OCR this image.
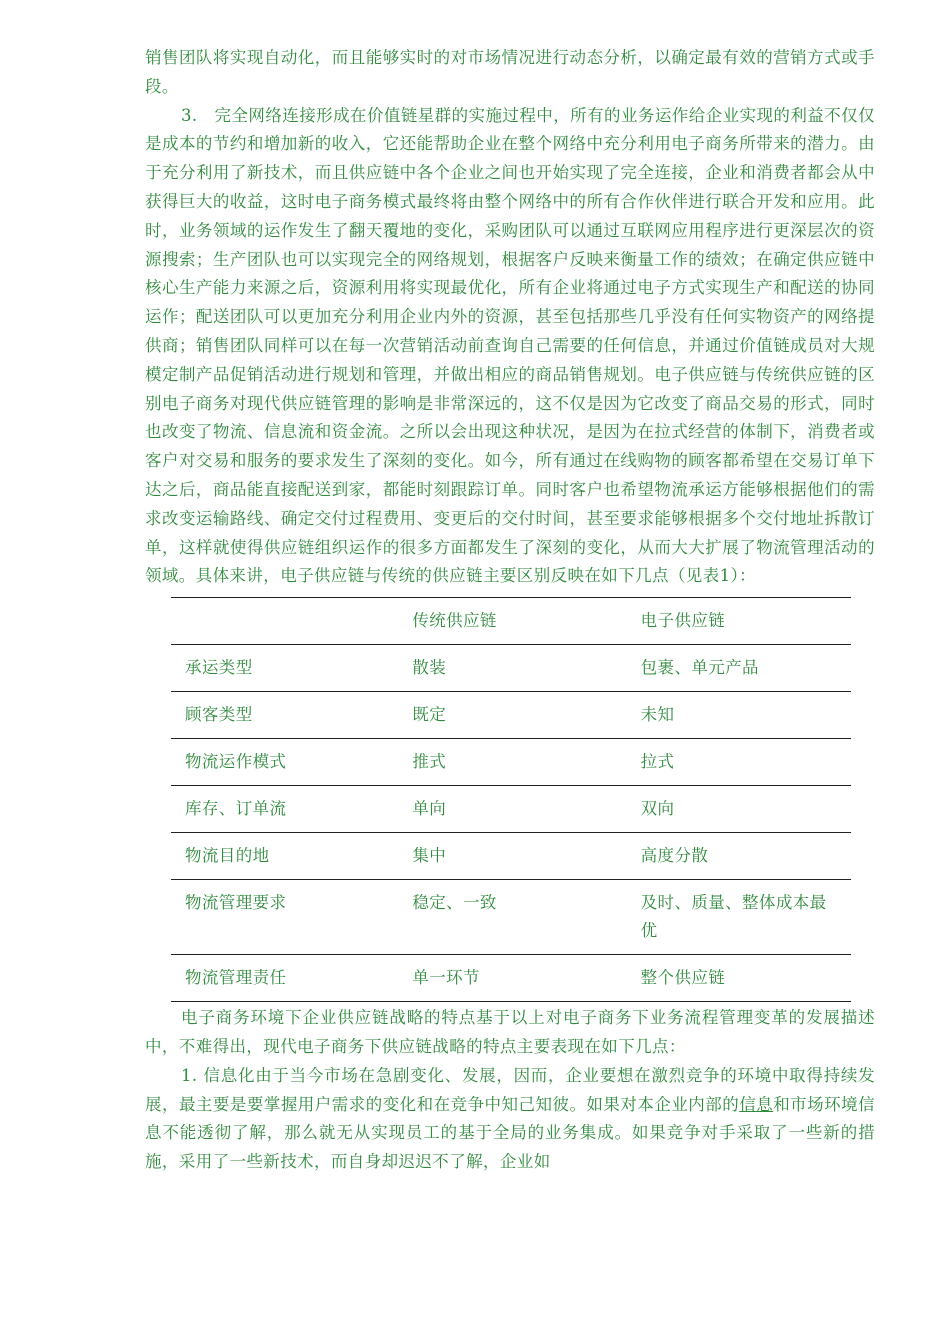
销售团队将实现自动化，而且能够实时的对市场情况进行动态分析，以确定最有效的营销方式或手段。

3.　完全网络连接形成在价值链星群的实施过程中，所有的业务运作给企业实现的利益不仅仅是成本的节约和增加新的收入，它还能帮助企业在整个网络中充分利用电子商务所带来的潜力。由于充分利用了新技术，而且供应链中各个企业之间也开始实现了完全连接，企业和消费者都会从中获得巨大的收益，这时电子商务模式最终将由整个网络中的所有合作伙伴进行联合开发和应用。此时，业务领域的运作发生了翻天覆地的变化，采购团队可以通过互联网应用程序进行更深层次的资源搜索；生产团队也可以实现完全的网络规划，根据客户反映来衡量工作的绩效；在确定供应链中核心生产能力来源之后，资源利用将实现最优化，所有企业将通过电子方式实现生产和配送的协同运作；配送团队可以更加充分利用企业内外的资源，甚至包括那些几乎没有任何实物资产的网络提供商；销售团队同样可以在每一次营销活动前查询自己需要的任何信息，并通过价值链成员对大规模定制产品促销活动进行规划和管理，并做出相应的商品销售规划。电子供应链与传统供应链的区别电子商务对现代供应链管理的影响是非常深远的，这不仅是因为它改变了商品交易的形式，同时也改变了物流、信息流和资金流。之所以会出现这种状况，是因为在拉式经营的体制下，消费者或客户对交易和服务的要求发生了深刻的变化。如今，所有通过在线购物的顾客都希望在交易订单下达之后，商品能直接配送到家，都能时刻跟踪订单。同时客户也希望物流承运方能够根据他们的需求改变运输路线、确定交付过程费用、变更后的交付时间，甚至要求能够根据多个交付地址拆散订单，这样就使得供应链组织运作的很多方面都发生了深刻的变化，从而大大扩展了物流管理活动的领域。具体来讲，电子供应链与传统的供应链主要区别反映在如下几点（见表1）：

	传统供应链	电子供应链
承运类型	散装	包裹、单元产品
顾客类型	既定	未知
物流运作模式	推式	拉式
库存、订单流	单向	双向
物流目的地	集中	高度分散
物流管理要求	稳定、一致	及时、质量、整体成本最优
物流管理责任	单一环节	整个供应链

电子商务环境下企业供应链战略的特点基于以上对电子商务下业务流程管理变革的发展描述中，不难得出，现代电子商务下供应链战略的特点主要表现在如下几点：

1. 信息化由于当今市场在急剧变化、发展，因而，企业要想在激烈竞争的环境中取得持续发展，最主要是要掌握用户需求的变化和在竞争中知己知彼。如果对本企业内部的信息和市场环境信息不能透彻了解，那么就无从实现员工的基于全局的业务集成。如果竞争对手采取了一些新的措施，采用了一些新技术，而自身却迟迟不了解，企业如
